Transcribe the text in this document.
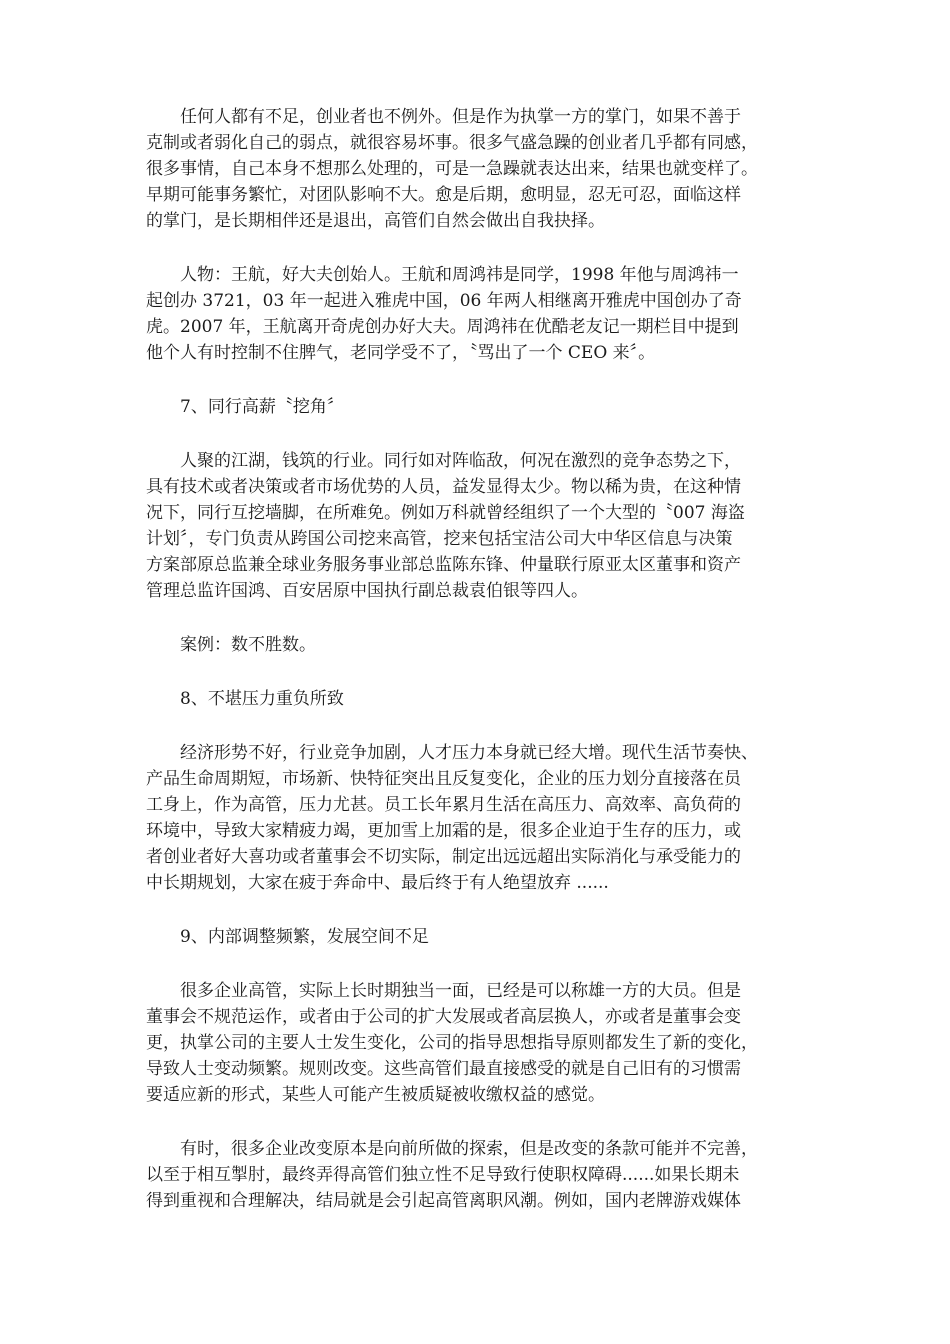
任何人都有不足，创业者也不例外。但是作为执掌一方的掌门，如果不善于
克制或者弱化自己的弱点，就很容易坏事。很多气盛急躁的创业者几乎都有同感，
很多事情，自己本身不想那么处理的，可是一急躁就表达出来，结果也就变样了。
早期可能事务繁忙，对团队影响不大。愈是后期，愈明显，忍无可忍，面临这样
的掌门，是长期相伴还是退出，高管们自然会做出自我抉择。

人物：王航，好大夫创始人。王航和周鸿祎是同学，1998 年他与周鸿祎一
起创办 3721，03 年一起进入雅虎中国，06 年两人相继离开雅虎中国创办了奇
虎。2007 年，王航离开奇虎创办好大夫。周鸿祎在优酷老友记一期栏目中提到
他个人有时控制不住脾气，老同学受不了，〝骂出了一个 CEO 来〞。

7、同行高薪〝挖角〞

人聚的江湖，钱筑的行业。同行如对阵临敌，何况在激烈的竞争态势之下，
具有技术或者决策或者市场优势的人员，益发显得太少。物以稀为贵，在这种情
况下，同行互挖墙脚，在所难免。例如万科就曾经组织了一个大型的〝007 海盗
计划〞，专门负责从跨国公司挖来高管，挖来包括宝洁公司大中华区信息与决策
方案部原总监兼全球业务服务事业部总监陈东锋、仲量联行原亚太区董事和资产
管理总监许国鸿、百安居原中国执行副总裁袁伯银等四人。

案例：数不胜数。

8、不堪压力重负所致

经济形势不好，行业竞争加剧，人才压力本身就已经大增。现代生活节奏快、
产品生命周期短，市场新、快特征突出且反复变化，企业的压力划分直接落在员
工身上，作为高管，压力尤甚。员工长年累月生活在高压力、高效率、高负荷的
环境中，导致大家精疲力竭，更加雪上加霜的是，很多企业迫于生存的压力，或
者创业者好大喜功或者董事会不切实际，制定出远远超出实际消化与承受能力的
中长期规划，大家在疲于奔命中、最后终于有人绝望放弃 ......

9、内部调整频繁，发展空间不足

很多企业高管，实际上长时期独当一面，已经是可以称雄一方的大员。但是
董事会不规范运作，或者由于公司的扩大发展或者高层换人，亦或者是董事会变
更，执掌公司的主要人士发生变化，公司的指导思想指导原则都发生了新的变化，
导致人士变动频繁。规则改变。这些高管们最直接感受的就是自己旧有的习惯需
要适应新的形式，某些人可能产生被质疑被收缴权益的感觉。

有时，很多企业改变原本是向前所做的探索，但是改变的条款可能并不完善，
以至于相互掣肘，最终弄得高管们独立性不足导致行使职权障碍......如果长期未
得到重视和合理解决，结局就是会引起高管离职风潮。例如，国内老牌游戏媒体
